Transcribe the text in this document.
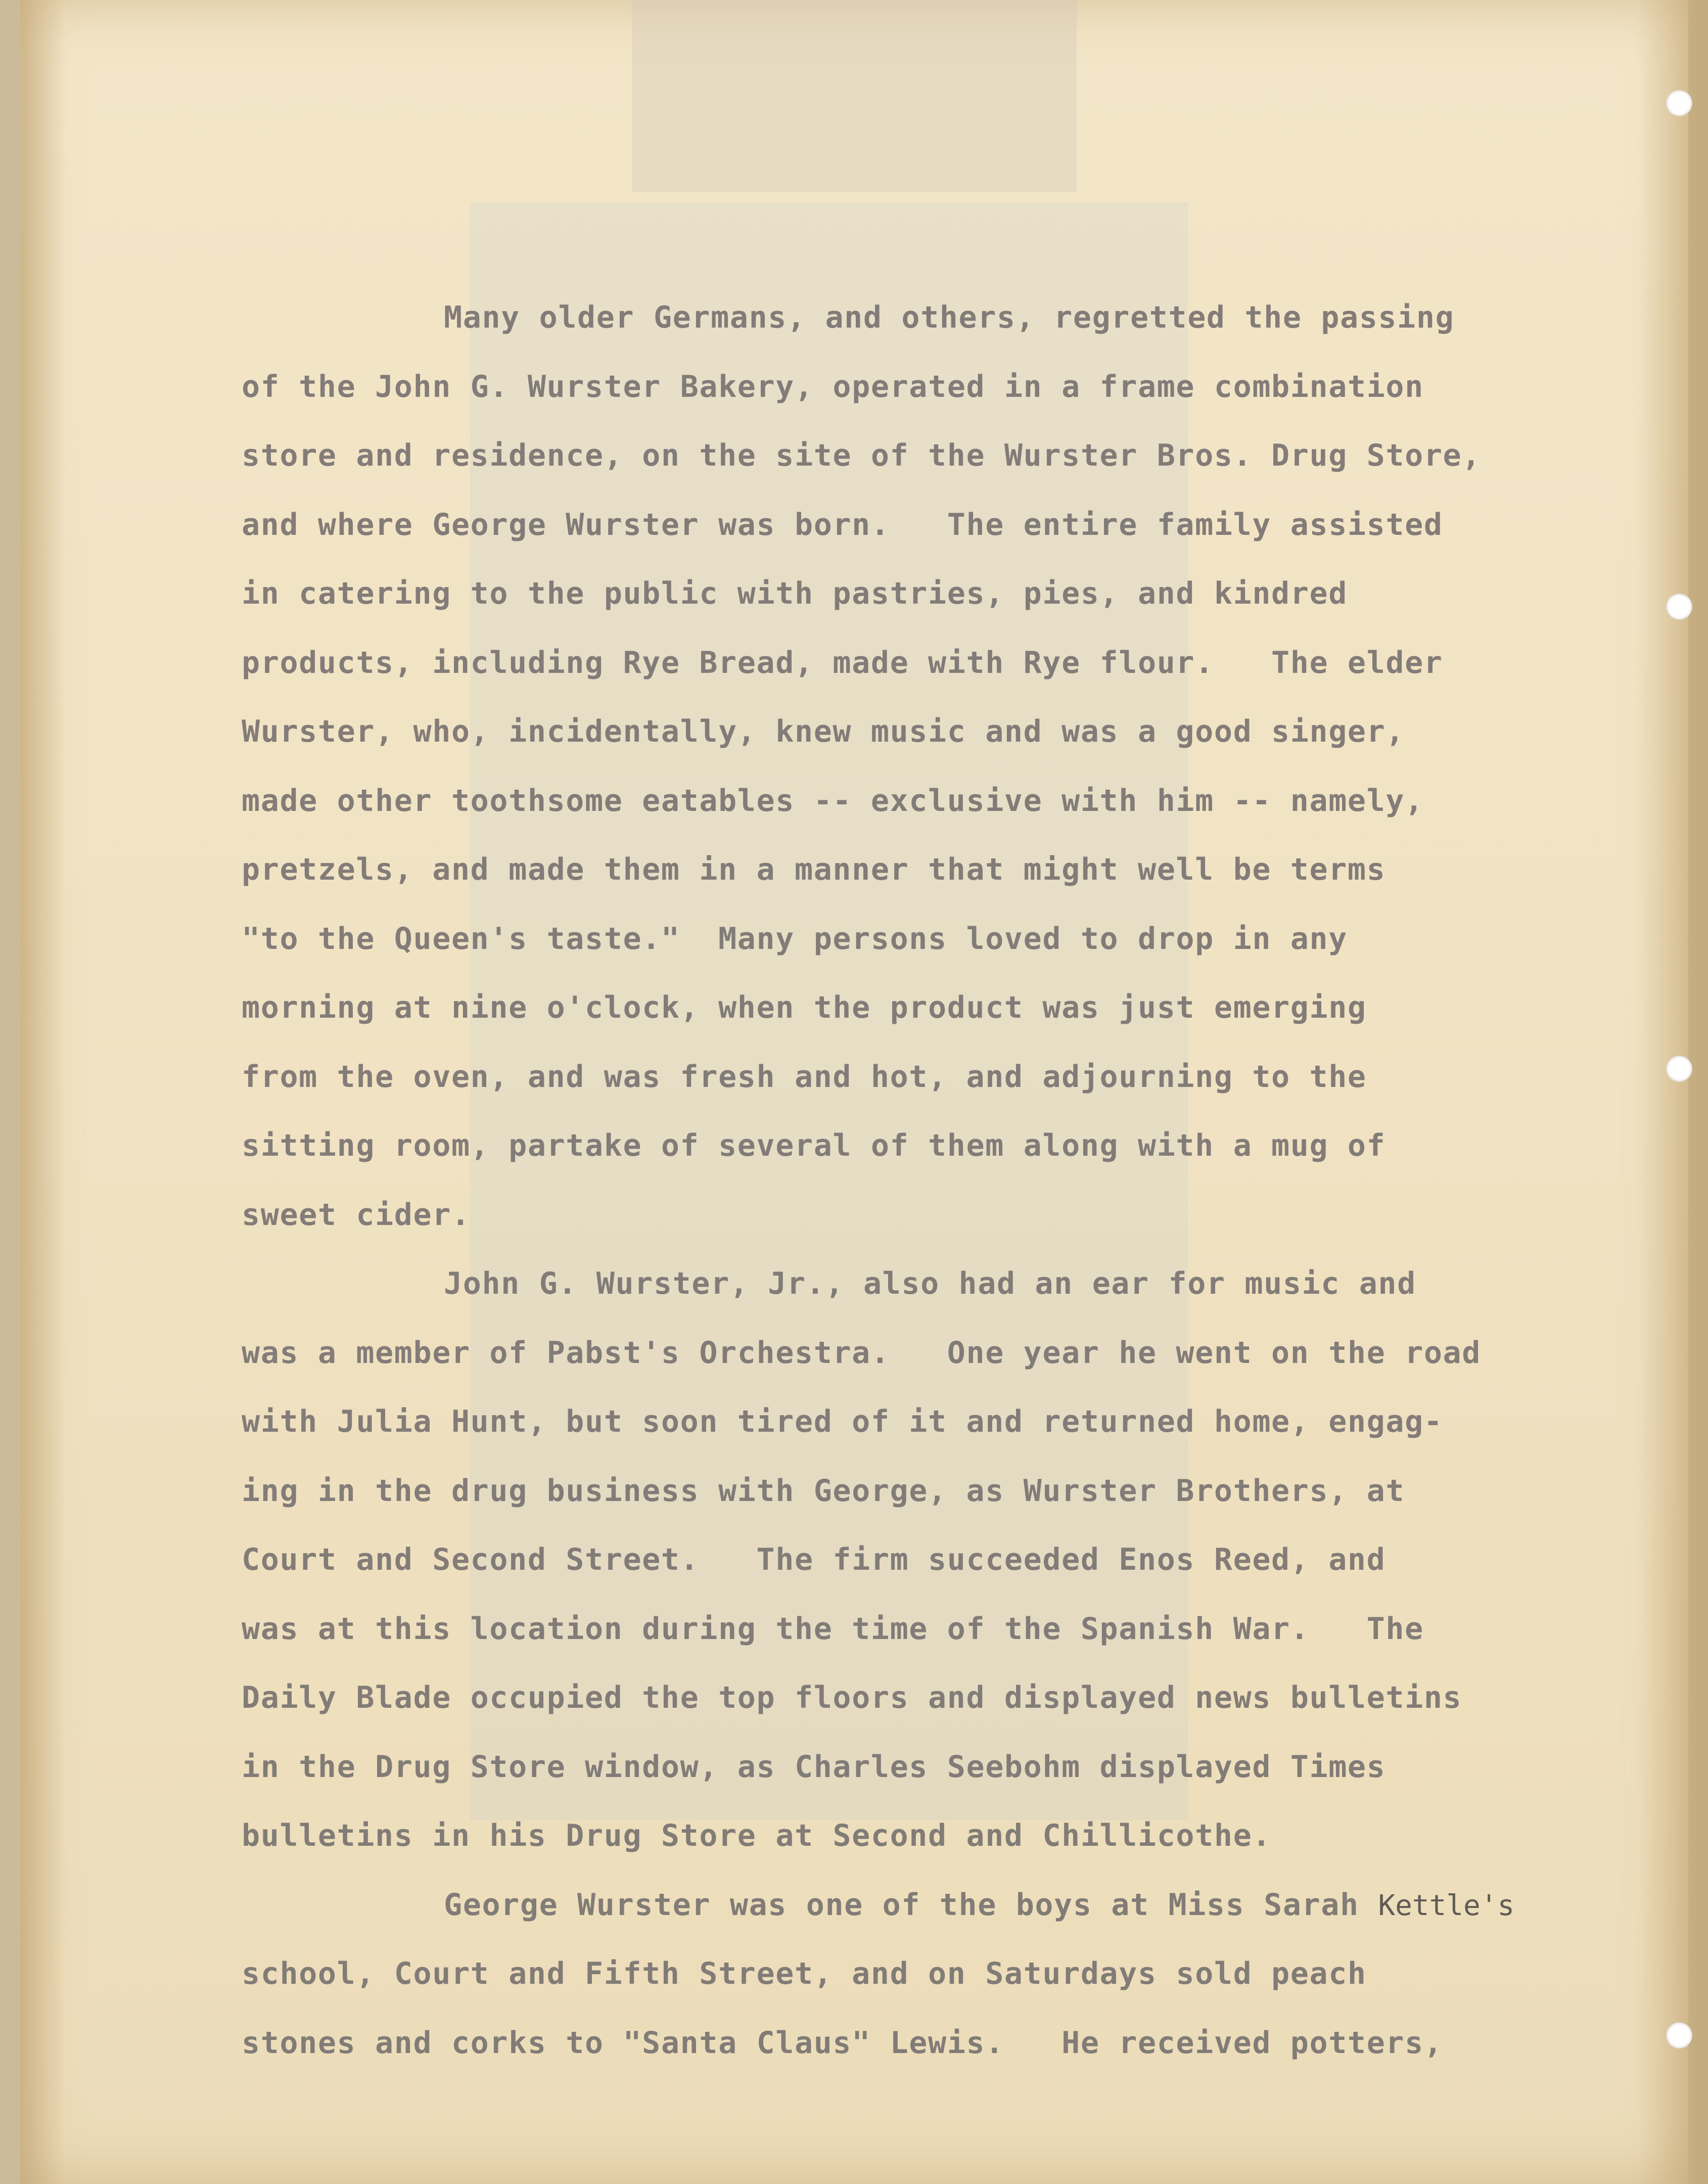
Many older Germans, and others, regretted the passing
of the John G. Wurster Bakery, operated in a frame combination
store and residence, on the site of the Wurster Bros. Drug Store,
and where George Wurster was born.   The entire family assisted
in catering to the public with pastries, pies, and kindred
products, including Rye Bread, made with Rye flour.   The elder
Wurster, who, incidentally, knew music and was a good singer,
made other toothsome eatables -- exclusive with him -- namely,
pretzels, and made them in a manner that might well be terms
"to the Queen's taste."  Many persons loved to drop in any
morning at nine o'clock, when the product was just emerging
from the oven, and was fresh and hot, and adjourning to the
sitting room, partake of several of them along with a mug of
sweet cider.
John G. Wurster, Jr., also had an ear for music and
was a member of Pabst's Orchestra.   One year he went on the road
with Julia Hunt, but soon tired of it and returned home, engag-
ing in the drug business with George, as Wurster Brothers, at
Court and Second Street.   The firm succeeded Enos Reed, and
was at this location during the time of the Spanish War.   The
Daily Blade occupied the top floors and displayed news bulletins
in the Drug Store window, as Charles Seebohm displayed Times
bulletins in his Drug Store at Second and Chillicothe.
George Wurster was one of the boys at Miss Sarah Kettle's
school, Court and Fifth Street, and on Saturdays sold peach
stones and corks to "Santa Claus" Lewis.   He received potters,
